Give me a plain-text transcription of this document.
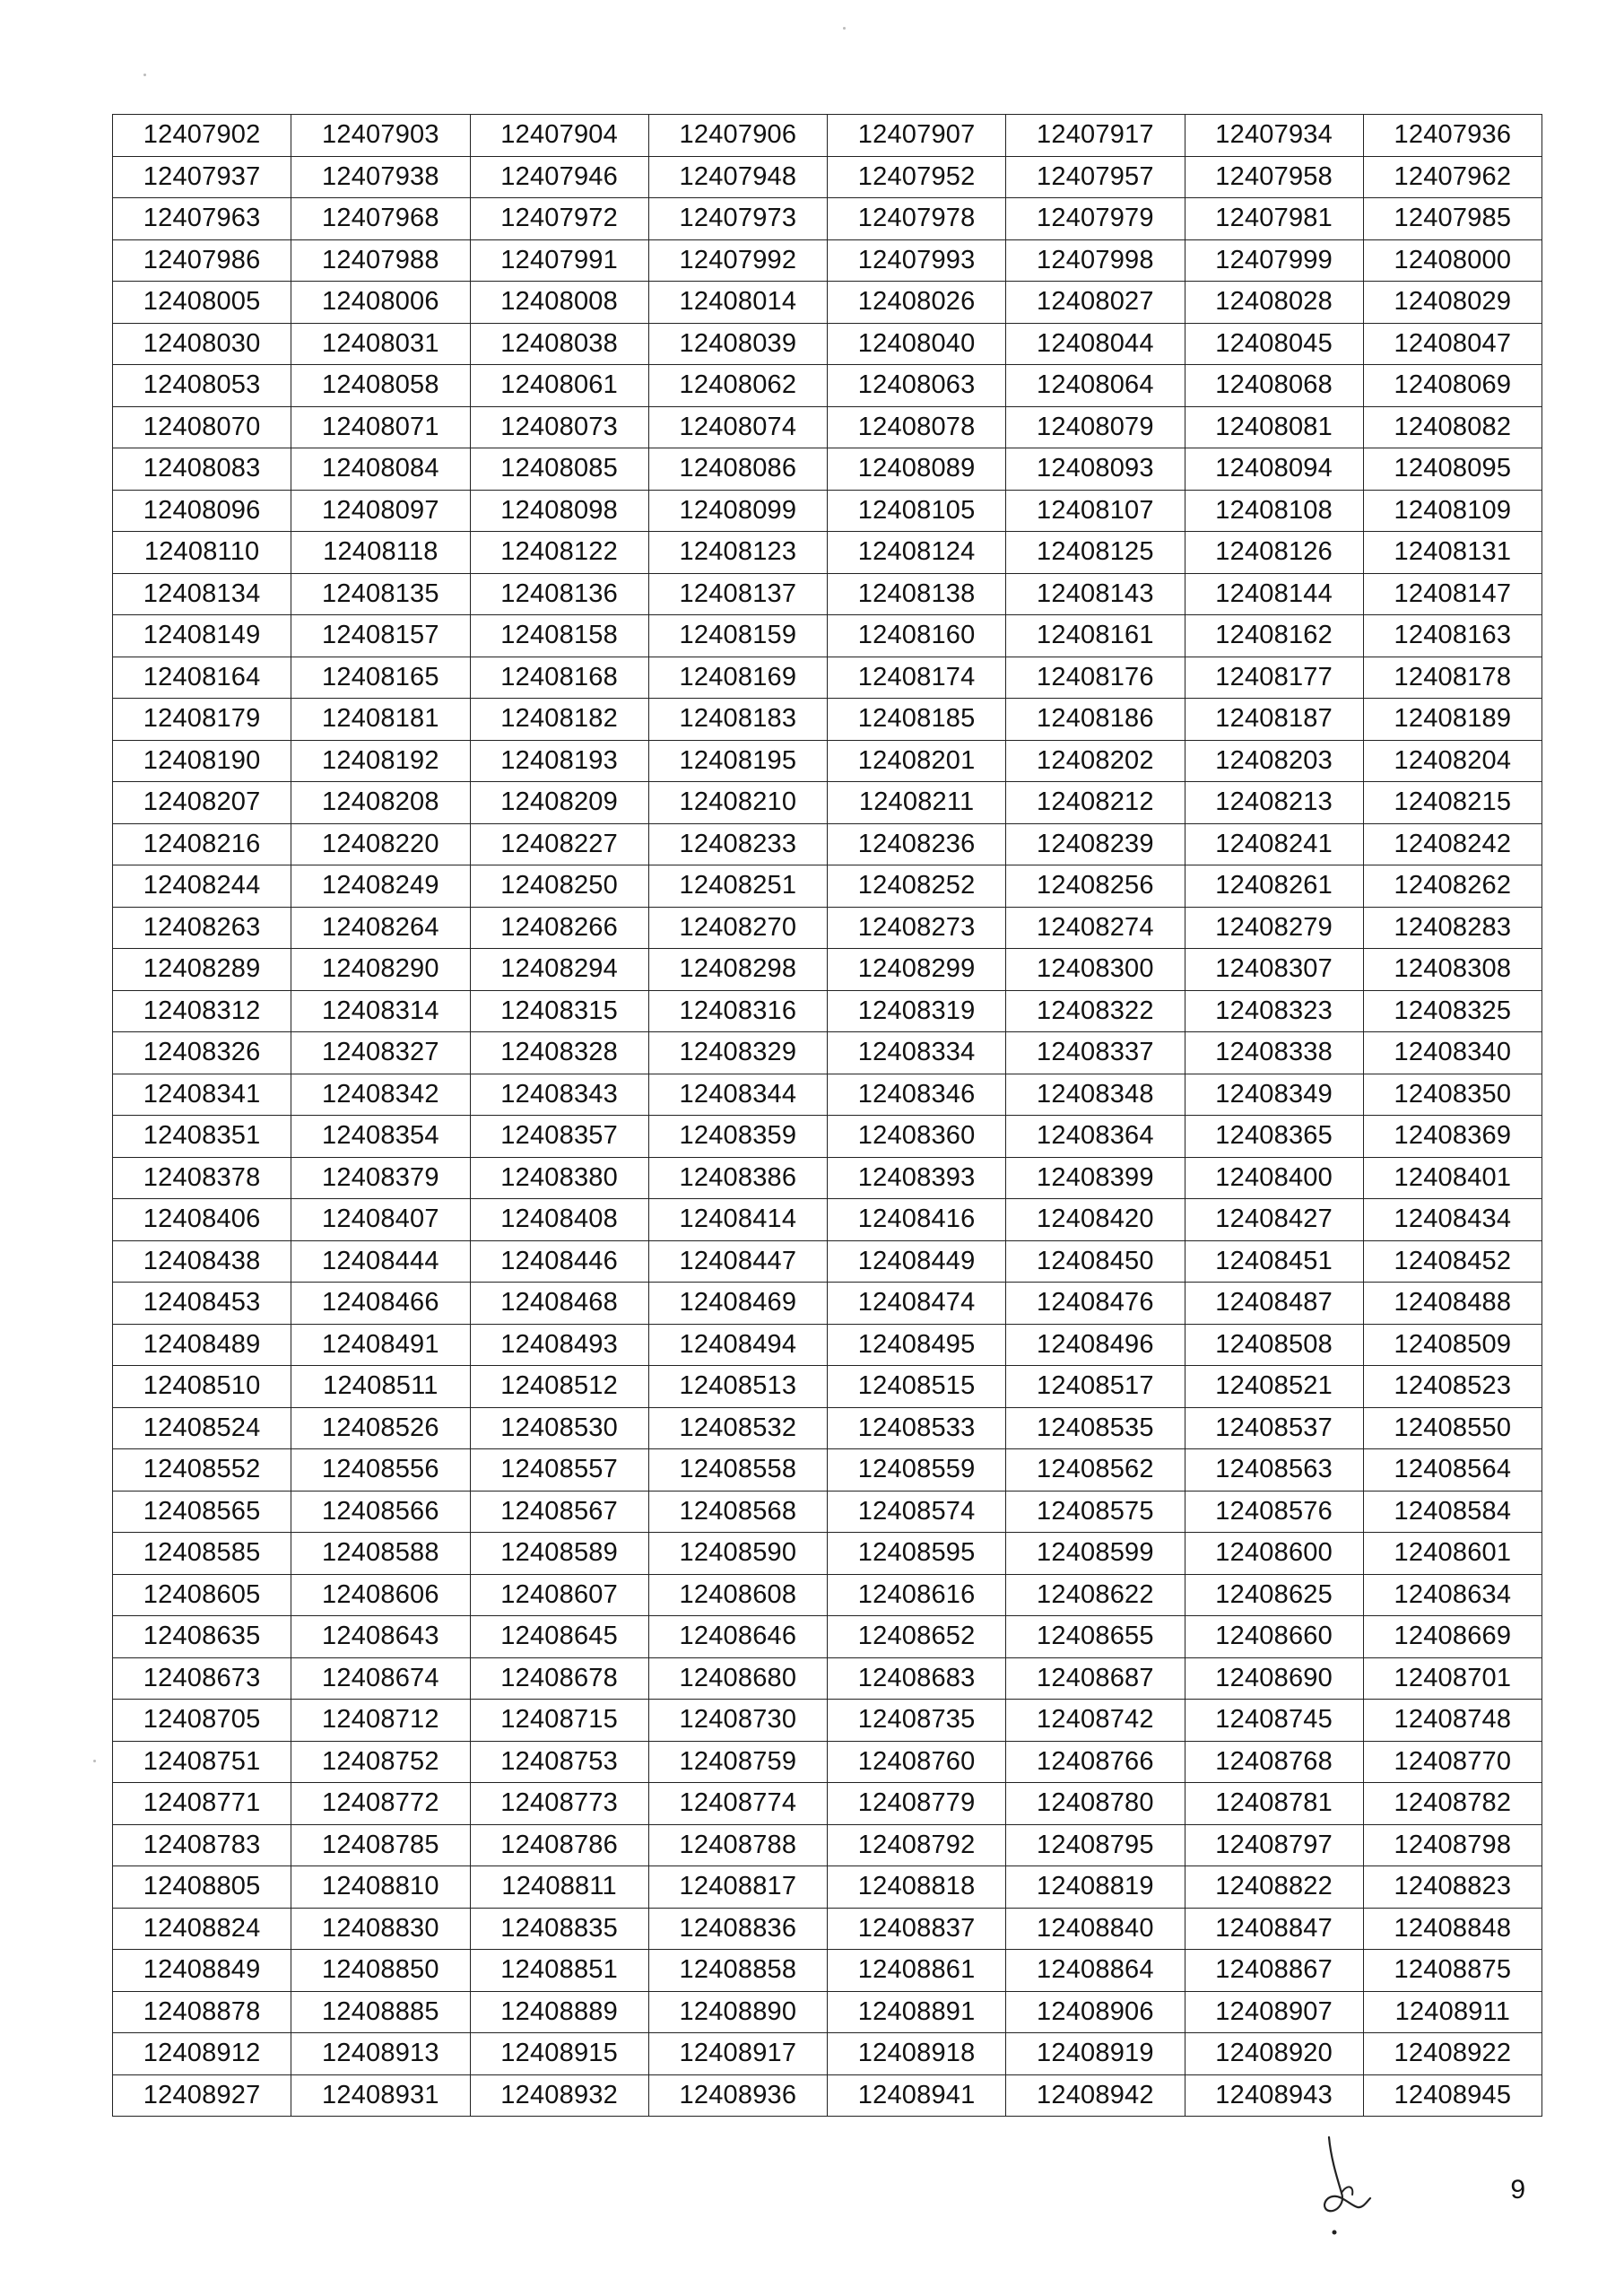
12407902	12407903	12407904	12407906	12407907	12407917	12407934	12407936
12407937	12407938	12407946	12407948	12407952	12407957	12407958	12407962
12407963	12407968	12407972	12407973	12407978	12407979	12407981	12407985
12407986	12407988	12407991	12407992	12407993	12407998	12407999	12408000
12408005	12408006	12408008	12408014	12408026	12408027	12408028	12408029
12408030	12408031	12408038	12408039	12408040	12408044	12408045	12408047
12408053	12408058	12408061	12408062	12408063	12408064	12408068	12408069
12408070	12408071	12408073	12408074	12408078	12408079	12408081	12408082
12408083	12408084	12408085	12408086	12408089	12408093	12408094	12408095
12408096	12408097	12408098	12408099	12408105	12408107	12408108	12408109
12408110	12408118	12408122	12408123	12408124	12408125	12408126	12408131
12408134	12408135	12408136	12408137	12408138	12408143	12408144	12408147
12408149	12408157	12408158	12408159	12408160	12408161	12408162	12408163
12408164	12408165	12408168	12408169	12408174	12408176	12408177	12408178
12408179	12408181	12408182	12408183	12408185	12408186	12408187	12408189
12408190	12408192	12408193	12408195	12408201	12408202	12408203	12408204
12408207	12408208	12408209	12408210	12408211	12408212	12408213	12408215
12408216	12408220	12408227	12408233	12408236	12408239	12408241	12408242
12408244	12408249	12408250	12408251	12408252	12408256	12408261	12408262
12408263	12408264	12408266	12408270	12408273	12408274	12408279	12408283
12408289	12408290	12408294	12408298	12408299	12408300	12408307	12408308
12408312	12408314	12408315	12408316	12408319	12408322	12408323	12408325
12408326	12408327	12408328	12408329	12408334	12408337	12408338	12408340
12408341	12408342	12408343	12408344	12408346	12408348	12408349	12408350
12408351	12408354	12408357	12408359	12408360	12408364	12408365	12408369
12408378	12408379	12408380	12408386	12408393	12408399	12408400	12408401
12408406	12408407	12408408	12408414	12408416	12408420	12408427	12408434
12408438	12408444	12408446	12408447	12408449	12408450	12408451	12408452
12408453	12408466	12408468	12408469	12408474	12408476	12408487	12408488
12408489	12408491	12408493	12408494	12408495	12408496	12408508	12408509
12408510	12408511	12408512	12408513	12408515	12408517	12408521	12408523
12408524	12408526	12408530	12408532	12408533	12408535	12408537	12408550
12408552	12408556	12408557	12408558	12408559	12408562	12408563	12408564
12408565	12408566	12408567	12408568	12408574	12408575	12408576	12408584
12408585	12408588	12408589	12408590	12408595	12408599	12408600	12408601
12408605	12408606	12408607	12408608	12408616	12408622	12408625	12408634
12408635	12408643	12408645	12408646	12408652	12408655	12408660	12408669
12408673	12408674	12408678	12408680	12408683	12408687	12408690	12408701
12408705	12408712	12408715	12408730	12408735	12408742	12408745	12408748
12408751	12408752	12408753	12408759	12408760	12408766	12408768	12408770
12408771	12408772	12408773	12408774	12408779	12408780	12408781	12408782
12408783	12408785	12408786	12408788	12408792	12408795	12408797	12408798
12408805	12408810	12408811	12408817	12408818	12408819	12408822	12408823
12408824	12408830	12408835	12408836	12408837	12408840	12408847	12408848
12408849	12408850	12408851	12408858	12408861	12408864	12408867	12408875
12408878	12408885	12408889	12408890	12408891	12408906	12408907	12408911
12408912	12408913	12408915	12408917	12408918	12408919	12408920	12408922
12408927	12408931	12408932	12408936	12408941	12408942	12408943	12408945
9
